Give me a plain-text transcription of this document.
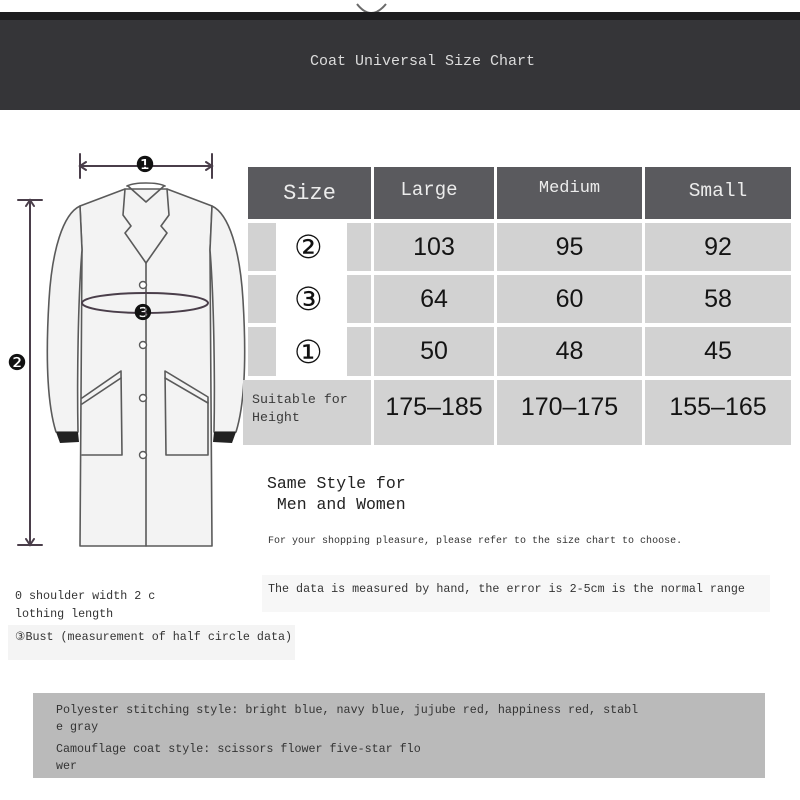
Coat Universal Size Chart
❶
❷
❸
Size	Large	Medium	Small
②	103	95	92
③	64	60	58
①	50	48	45
Suitable for Height	175–185	170–175	155–165
Same Style for Men and Women
For your shopping pleasure, please refer to the size chart to choose.
The data is measured by hand, the error is 2-5cm is the normal range
0 shoulder width 2 clothing length
③Bust (measurement of half circle data)
Polyester stitching style: bright blue, navy blue, jujube red, happiness red, stable gray
Camouflage coat style: scissors flower five-star flower
